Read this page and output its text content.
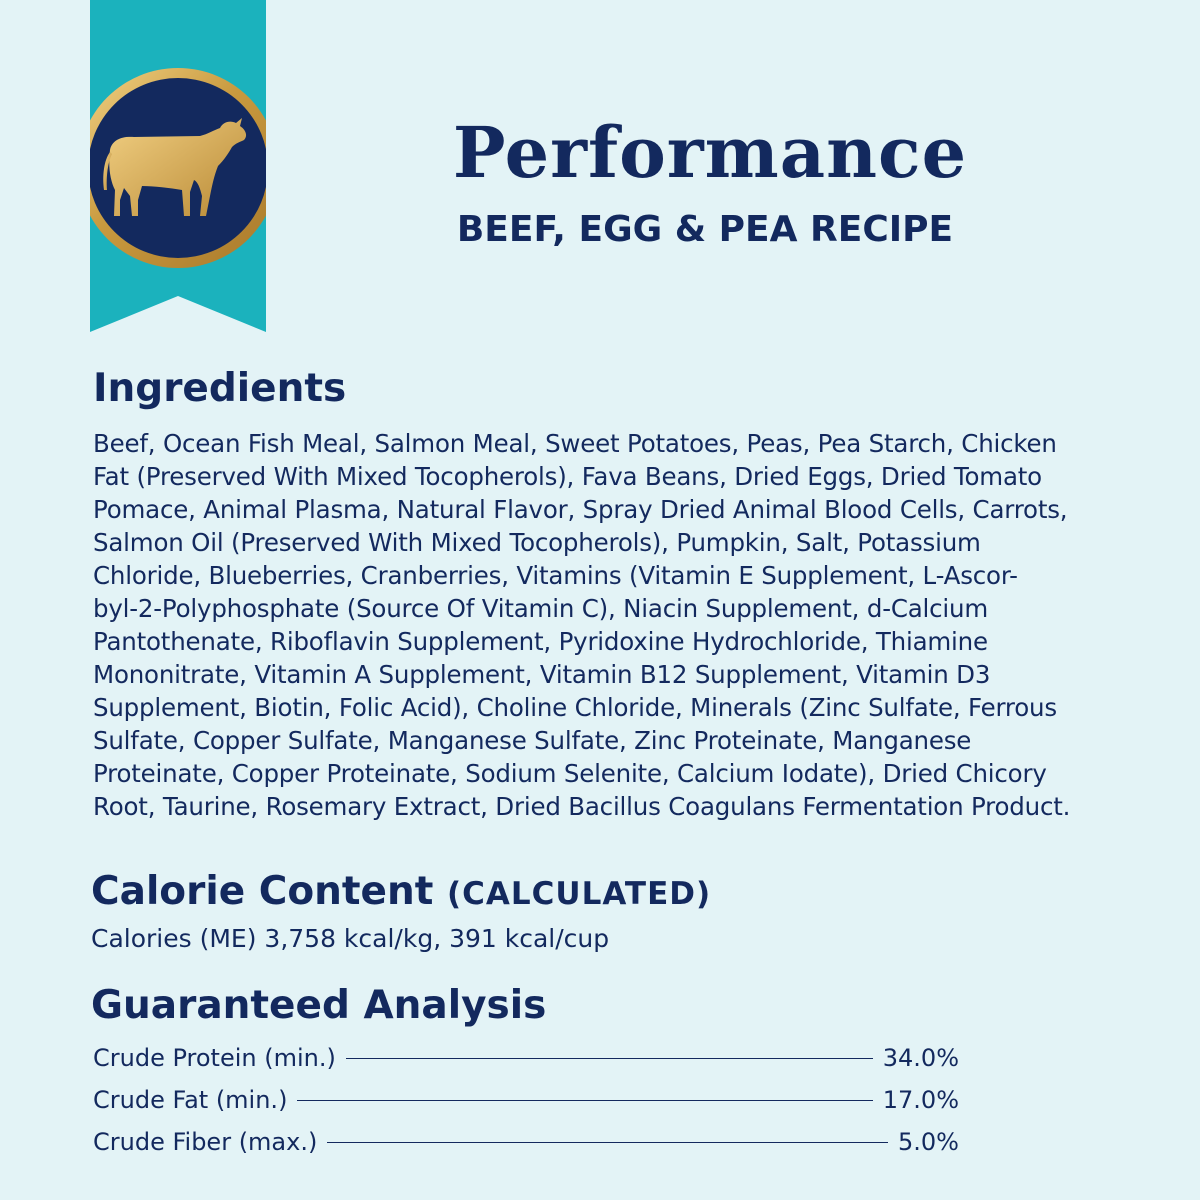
Performance
BEEF, EGG & PEA RECIPE
Ingredients
Beef, Ocean Fish Meal, Salmon Meal, Sweet Potatoes, Peas, Pea Starch, Chicken
Fat (Preserved With Mixed Tocopherols), Fava Beans, Dried Eggs, Dried Tomato
Pomace, Animal Plasma, Natural Flavor, Spray Dried Animal Blood Cells, Carrots,
Salmon Oil (Preserved With Mixed Tocopherols), Pumpkin, Salt, Potassium
Chloride, Blueberries, Cranberries, Vitamins (Vitamin E Supplement, L-Ascor-
byl-2-Polyphosphate (Source Of Vitamin C), Niacin Supplement, d-Calcium
Pantothenate, Riboflavin Supplement, Pyridoxine Hydrochloride, Thiamine
Mononitrate, Vitamin A Supplement, Vitamin B12 Supplement, Vitamin D3
Supplement, Biotin, Folic Acid), Choline Chloride, Minerals (Zinc Sulfate, Ferrous
Sulfate, Copper Sulfate, Manganese Sulfate, Zinc Proteinate, Manganese
Proteinate, Copper Proteinate, Sodium Selenite, Calcium Iodate), Dried Chicory
Root, Taurine, Rosemary Extract, Dried Bacillus Coagulans Fermentation Product.
Calorie Content (CALCULATED)
Calories (ME) 3,758 kcal/kg, 391 kcal/cup
Guaranteed Analysis
Crude Protein (min.)	34.0%
Crude Fat (min.)	17.0%
Crude Fiber (max.)	5.0%
